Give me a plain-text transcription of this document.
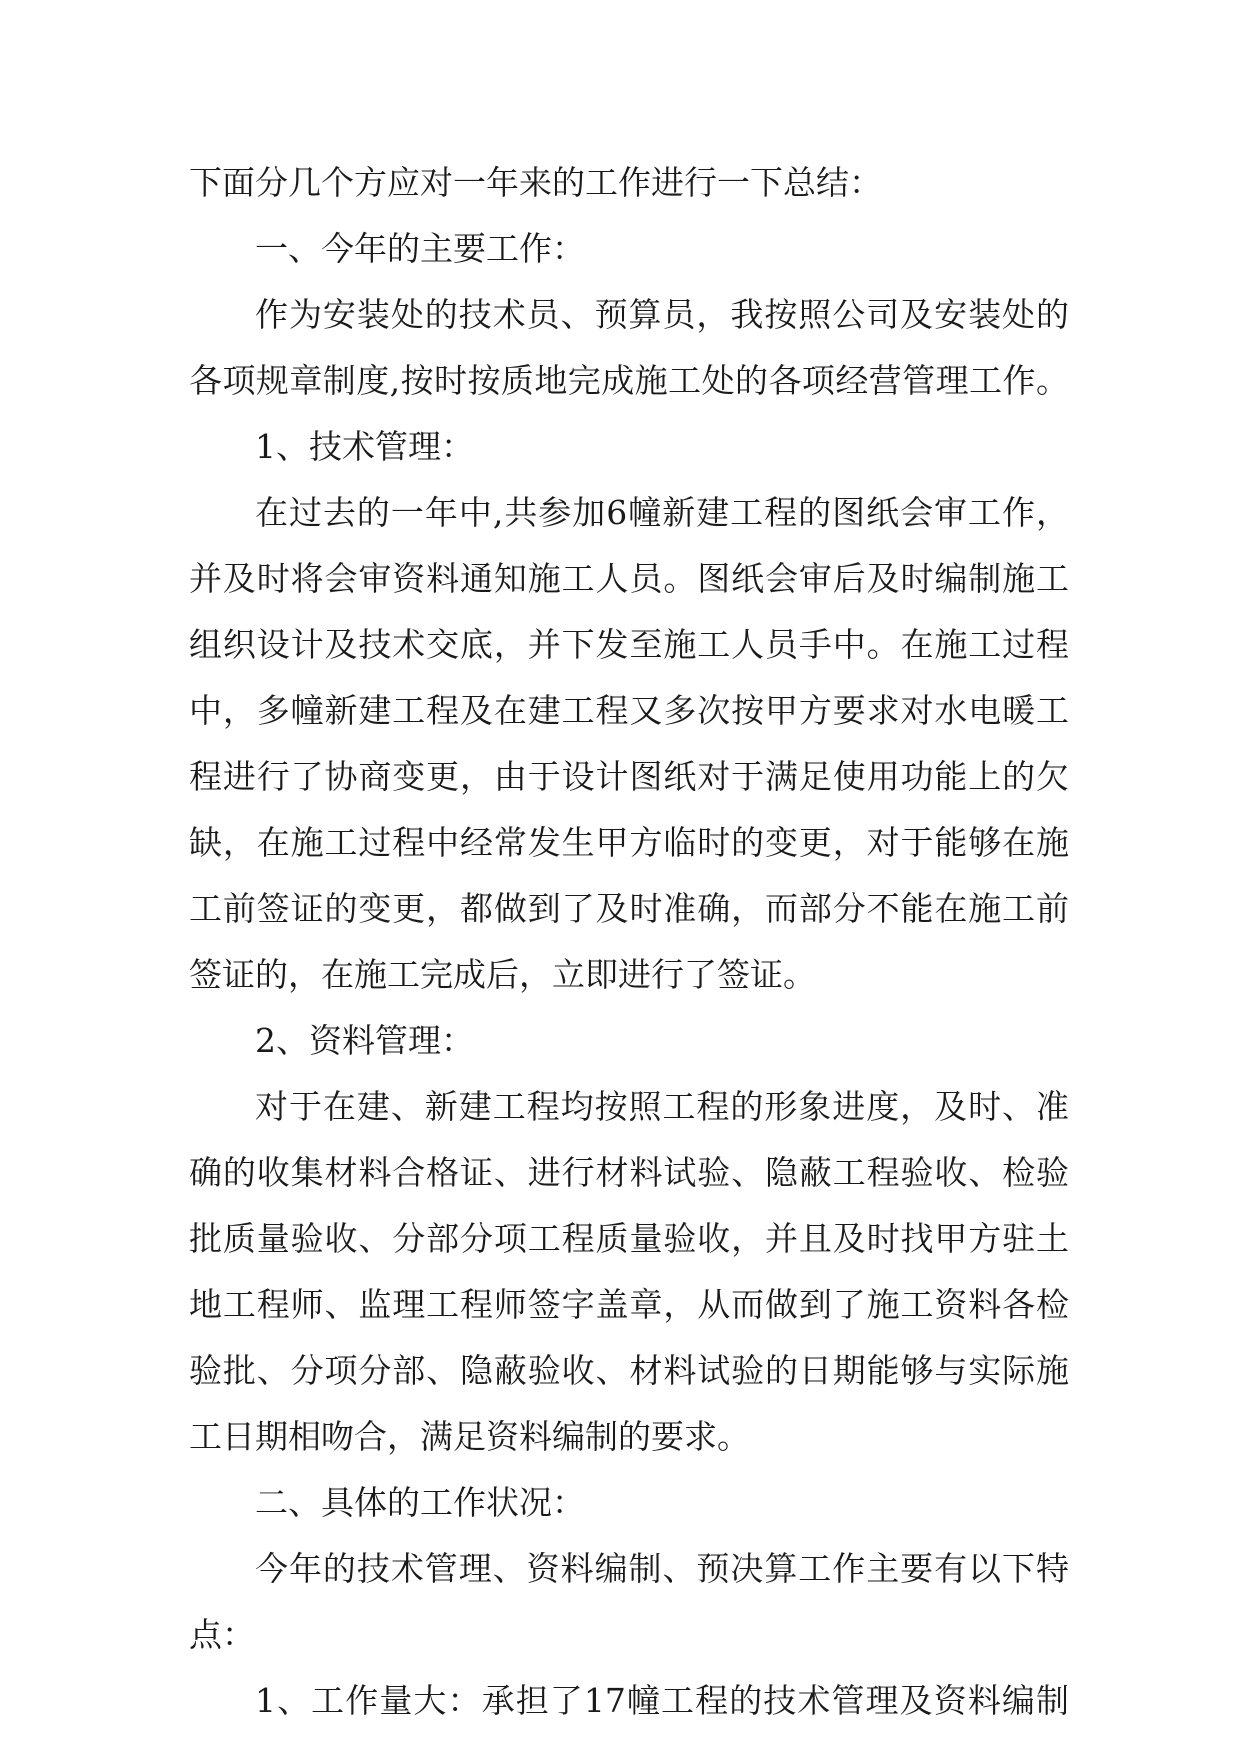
下面分几个方应对一年来的工作进行一下总结：
一、今年的主要工作：
作为安装处的技术员、预算员，我按照公司及安装处的
各项规章制度,按时按质地完成施工处的各项经营管理工作。
1、技术管理：
在过去的一年中,共参加6幢新建工程的图纸会审工作，
并及时将会审资料通知施工人员。图纸会审后及时编制施工
组织设计及技术交底，并下发至施工人员手中。在施工过程
中，多幢新建工程及在建工程又多次按甲方要求对水电暖工
程进行了协商变更，由于设计图纸对于满足使用功能上的欠
缺，在施工过程中经常发生甲方临时的变更，对于能够在施
工前签证的变更，都做到了及时准确，而部分不能在施工前
签证的，在施工完成后，立即进行了签证。
2、资料管理：
对于在建、新建工程均按照工程的形象进度，及时、准
确的收集材料合格证、进行材料试验、隐蔽工程验收、检验
批质量验收、分部分项工程质量验收，并且及时找甲方驻土
地工程师、监理工程师签字盖章，从而做到了施工资料各检
验批、分项分部、隐蔽验收、材料试验的日期能够与实际施
工日期相吻合，满足资料编制的要求。
二、具体的工作状况：
今年的技术管理、资料编制、预决算工作主要有以下特
点：
1、工作量大：承担了17幢工程的技术管理及资料编制
